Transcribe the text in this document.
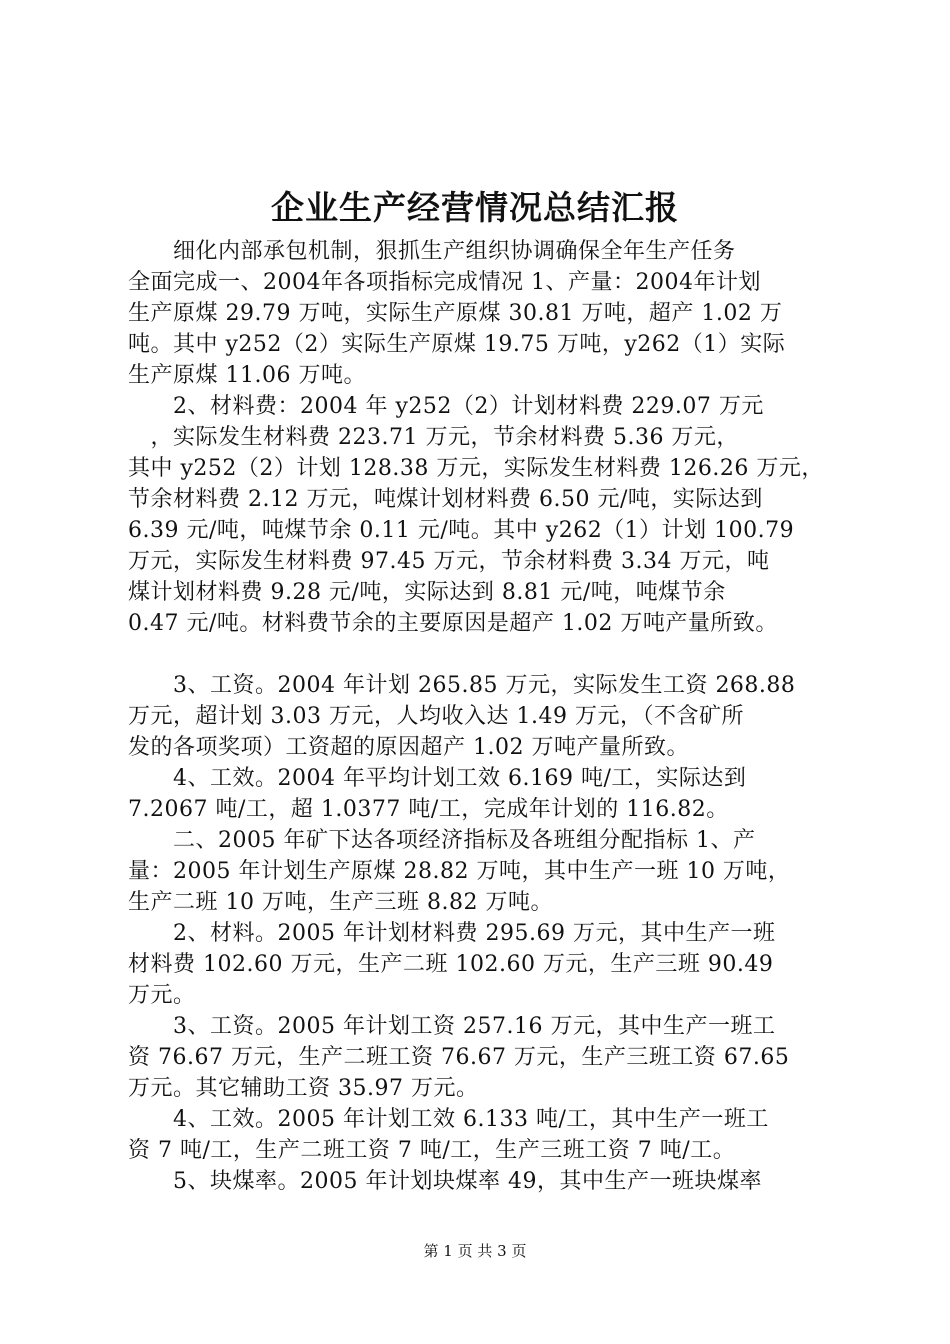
企业生产经营情况总结汇报
　　细化内部承包机制，狠抓生产组织协调确保全年生产任务
全面完成一、2004年各项指标完成情况 1、产量：2004年计划
生产原煤 29.79 万吨，实际生产原煤 30.81 万吨，超产 1.02 万
吨。其中 y252（2）实际生产原煤 19.75 万吨，y262（1）实际
生产原煤 11.06 万吨。
　　2、材料费：2004 年 y252（2）计划材料费 229.07 万元
　，实际发生材料费 223.71 万元，节余材料费 5.36 万元，
其中 y252（2）计划 128.38 万元，实际发生材料费 126.26 万元，
节余材料费 2.12 万元，吨煤计划材料费 6.50 元/吨，实际达到
6.39 元/吨，吨煤节余 0.11 元/吨。其中 y262（1）计划 100.79
万元，实际发生材料费 97.45 万元，节余材料费 3.34 万元，吨
煤计划材料费 9.28 元/吨，实际达到 8.81 元/吨，吨煤节余
0.47 元/吨。材料费节余的主要原因是超产 1.02 万吨产量所致。
　　3、工资。2004 年计划 265.85 万元，实际发生工资 268.88
万元，超计划 3.03 万元，人均收入达 1.49 万元，（不含矿所
发的各项奖项）工资超的原因超产 1.02 万吨产量所致。
　　4、工效。2004 年平均计划工效 6.169 吨/工，实际达到
7.2067 吨/工，超 1.0377 吨/工，完成年计划的 116.82。
　　二、2005 年矿下达各项经济指标及各班组分配指标 1、产
量：2005 年计划生产原煤 28.82 万吨，其中生产一班 10 万吨，
生产二班 10 万吨，生产三班 8.82 万吨。
　　2、材料。2005 年计划材料费 295.69 万元，其中生产一班
材料费 102.60 万元，生产二班 102.60 万元，生产三班 90.49
万元。
　　3、工资。2005 年计划工资 257.16 万元，其中生产一班工
资 76.67 万元，生产二班工资 76.67 万元，生产三班工资 67.65
万元。其它辅助工资 35.97 万元。
　　4、工效。2005 年计划工效 6.133 吨/工，其中生产一班工
资 7 吨/工，生产二班工资 7 吨/工，生产三班工资 7 吨/工。
　　5、块煤率。2005 年计划块煤率 49，其中生产一班块煤率
第 1 页 共 3 页
